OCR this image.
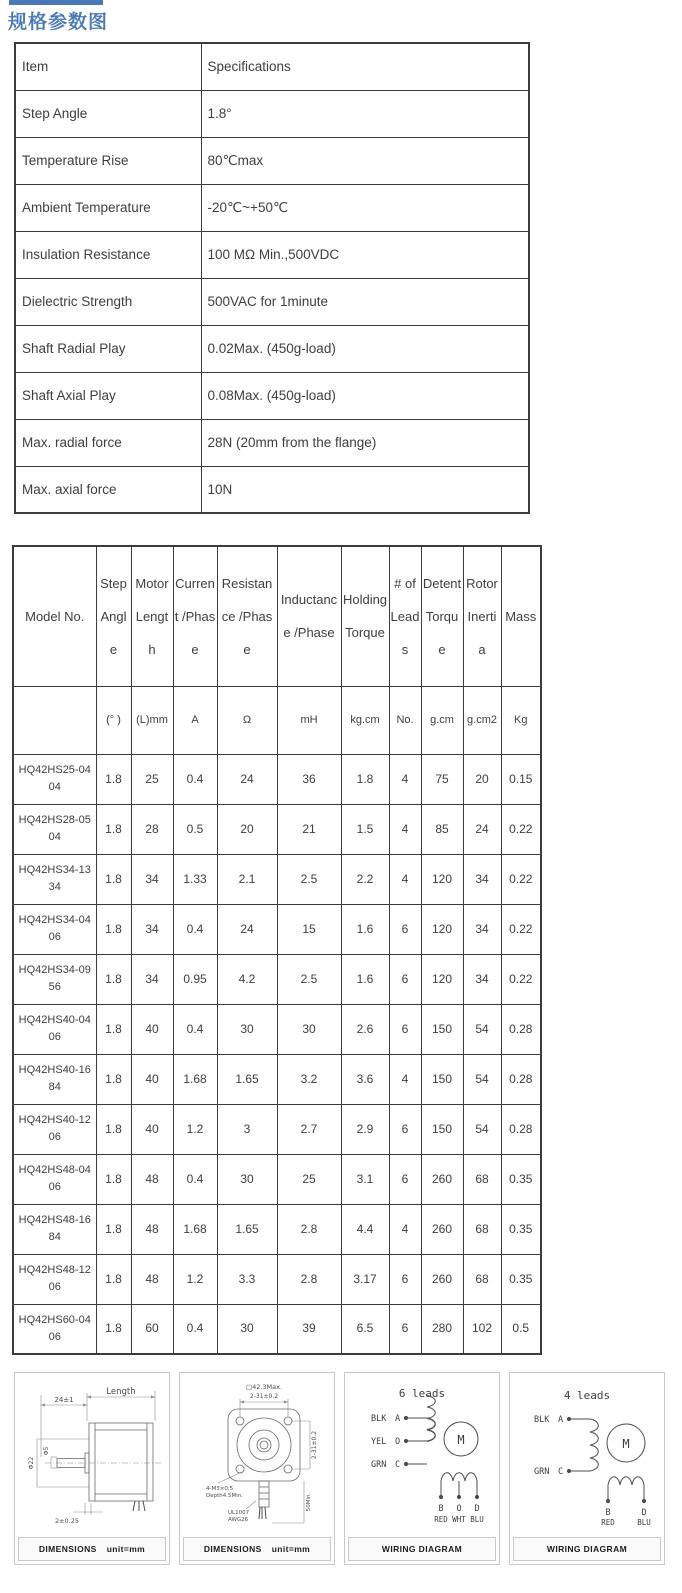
规格参数图
Item	Specifications
Step Angle	1.8°
Temperature Rise	80℃max
Ambient Temperature	-20℃~+50℃
Insulation Resistance	100 MΩ Min.,500VDC
Dielectric Strength	500VAC for 1minute
Shaft Radial Play	0.02Max. (450g-load)
Shaft Axial Play	0.08Max. (450g-load)
Max. radial force	28N (20mm from the flange)
Max. axial force	10N
Model No.	Step Angle	Motor Length	Current /Phase	Resistance /Phase	Inductance /Phase	Holding Torque	# of Leads	Detent Torque	Rotor Inertia	Mass
	(° )	(L)mm	A	Ω	mH	kg.cm	No.	g.cm	g.cm2	Kg
HQ42HS25-0404	1.8	25	0.4	24	36	1.8	4	75	20	0.15
HQ42HS28-0504	1.8	28	0.5	20	21	1.5	4	85	24	0.22
HQ42HS34-1334	1.8	34	1.33	2.1	2.5	2.2	4	120	34	0.22
HQ42HS34-0406	1.8	34	0.4	24	15	1.6	6	120	34	0.22
HQ42HS34-0956	1.8	34	0.95	4.2	2.5	1.6	6	120	34	0.22
HQ42HS40-0406	1.8	40	0.4	30	30	2.6	6	150	54	0.28
HQ42HS40-1684	1.8	40	1.68	1.65	3.2	3.6	4	150	54	0.28
HQ42HS40-1206	1.8	40	1.2	3	2.7	2.9	6	150	54	0.28
HQ42HS48-0406	1.8	48	0.4	30	25	3.1	6	260	68	0.35
HQ42HS48-1684	1.8	48	1.68	1.65	2.8	4.4	4	260	68	0.35
HQ42HS48-1206	1.8	48	1.2	3.3	2.8	3.17	6	260	68	0.35
HQ42HS60-0406	1.8	60	0.4	30	39	6.5	6	280	102	0.5
24±1
Length
2±0.25
Φ5
Φ22
DIMENSIONS unit=mm
□42.3Max.
2-31±0.2
2-31±0.2
4-M3×0.5
Depth4.5Min.
UL1007
AWG26
50Min.
DIMENSIONS unit=mm
6 leads
M
BLK A
YEL O
GRN C
B O D
RED WHT BLU
WIRING DIAGRAM
4 leads
M
BLK A
GRN C
B	D
RED	BLU
WIRING DIAGRAM
